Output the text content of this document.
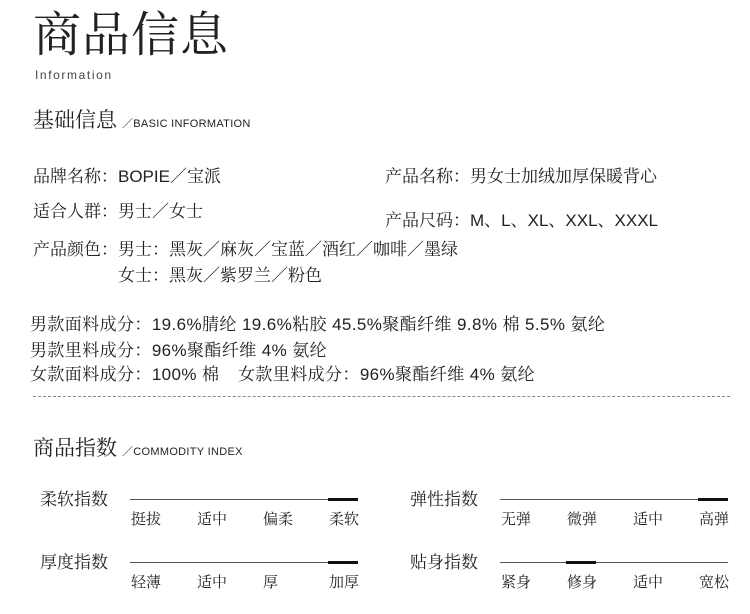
商品信息
Information
基础信息 ／BASIC INFORMATION
品牌名称：BOPIE／宝派	产品名称：男女士加绒加厚保暖背心
适合人群：男士／女士	产品尺码：M、L、XL、XXL、XXXL
产品颜色：男士：黑灰／麻灰／宝蓝／酒红／咖啡／墨绿
女士：黑灰／紫罗兰／粉色
男款面料成分：19.6%腈纶 19.6%粘胶 45.5%聚酯纤维 9.8% 棉 5.5% 氨纶
男款里料成分：96%聚酯纤维 4% 氨纶
女款面料成分：100% 棉 女款里料成分：96%聚酯纤维 4% 氨纶
商品指数 ／COMMODITY INDEX
柔软指数
挺拔 适中 偏柔 柔软
弹性指数
无弹 微弹 适中 高弹
厚度指数
轻薄 适中 厚	加厚
贴身指数
紧身 修身 适中 宽松
